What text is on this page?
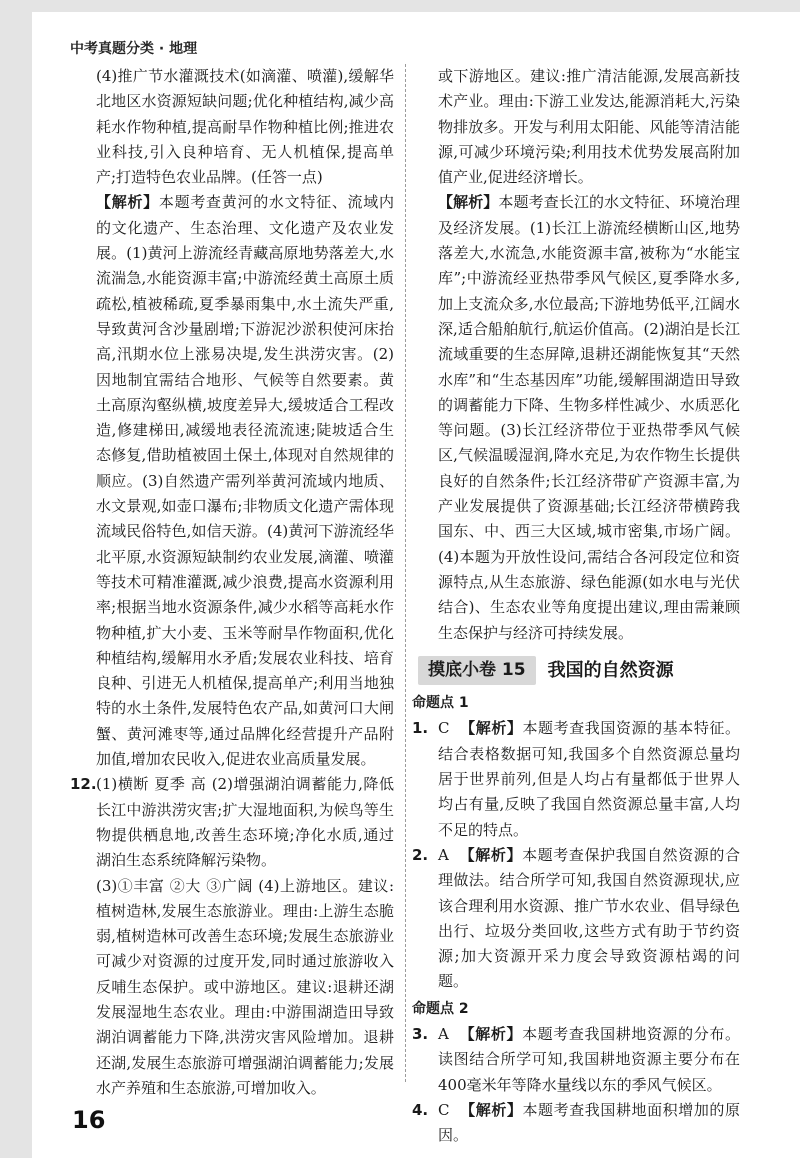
中考真题分类 · 地理

(4)推广节水灌溉技术(如滴灌、喷灌),缓解华北地区水资源短缺问题;优化种植结构,减少高耗水作物种植,提高耐旱作物种植比例;推进农业科技,引入良种培育、无人机植保,提高单产;打造特色农业品牌。(任答一点)

【解析】本题考查黄河的水文特征、流域内的文化遗产、生态治理、文化遗产及农业发展。(1)黄河上游流经青藏高原地势落差大,水流湍急,水能资源丰富;中游流经黄土高原土质疏松,植被稀疏,夏季暴雨集中,水土流失严重,导致黄河含沙量剧增;下游泥沙淤积使河床抬高,汛期水位上涨易决堤,发生洪涝灾害。(2)因地制宜需结合地形、气候等自然要素。黄土高原沟壑纵横,坡度差异大,缓坡适合工程改造,修建梯田,减缓地表径流流速;陡坡适合生态修复,借助植被固土保土,体现对自然规律的顺应。(3)自然遗产需列举黄河流域内地质、水文景观,如壶口瀑布;非物质文化遗产需体现流域民俗特色,如信天游。(4)黄河下游流经华北平原,水资源短缺制约农业发展,滴灌、喷灌等技术可精准灌溉,减少浪费,提高水资源利用率;根据当地水资源条件,减少水稻等高耗水作物种植,扩大小麦、玉米等耐旱作物面积,优化种植结构,缓解用水矛盾;发展农业科技、培育良种、引进无人机植保,提高单产;利用当地独特的水土条件,发展特色农产品,如黄河口大闸蟹、黄河滩枣等,通过品牌化经营提升产品附加值,增加农民收入,促进农业高质量发展。

12.(1)横断 夏季 高 (2)增强湖泊调蓄能力,降低长江中游洪涝灾害;扩大湿地面积,为候鸟等生物提供栖息地,改善生态环境;净化水质,通过湖泊生态系统降解污染物。

(3)①丰富 ②大 ③广阔 (4)上游地区。建议:植树造林,发展生态旅游业。理由:上游生态脆弱,植树造林可改善生态环境;发展生态旅游业可减少对资源的过度开发,同时通过旅游收入反哺生态保护。或中游地区。建议:退耕还湖发展湿地生态农业。理由:中游围湖造田导致湖泊调蓄能力下降,洪涝灾害风险增加。退耕还湖,发展生态旅游可增强湖泊调蓄能力;发展水产养殖和生态旅游,可增加收入。

或下游地区。建议:推广清洁能源,发展高新技术产业。理由:下游工业发达,能源消耗大,污染物排放多。开发与利用太阳能、风能等清洁能源,可减少环境污染;利用技术优势发展高附加值产业,促进经济增长。

【解析】本题考查长江的水文特征、环境治理及经济发展。(1)长江上游流经横断山区,地势落差大,水流急,水能资源丰富,被称为“水能宝库”;中游流经亚热带季风气候区,夏季降水多,加上支流众多,水位最高;下游地势低平,江阔水深,适合船舶航行,航运价值高。(2)湖泊是长江流域重要的生态屏障,退耕还湖能恢复其“天然水库”和“生态基因库”功能,缓解围湖造田导致的调蓄能力下降、生物多样性减少、水质恶化等问题。(3)长江经济带位于亚热带季风气候区,气候温暖湿润,降水充足,为农作物生长提供良好的自然条件;长江经济带矿产资源丰富,为产业发展提供了资源基础;长江经济带横跨我国东、中、西三大区域,城市密集,市场广阔。(4)本题为开放性设问,需结合各河段定位和资源特点,从生态旅游、绿色能源(如水电与光伏结合)、生态农业等角度提出建议,理由需兼顾生态保护与经济可持续发展。

摸底小卷 15	我国的自然资源
命题点 1

1. C 【解析】本题考查我国资源的基本特征。结合表格数据可知,我国多个自然资源总量均居于世界前列,但是人均占有量都低于世界人均占有量,反映了我国自然资源总量丰富,人均不足的特点。

2. A 【解析】本题考查保护我国自然资源的合理做法。结合所学可知,我国自然资源现状,应该合理利用水资源、推广节水农业、倡导绿色出行、垃圾分类回收,这些方式有助于节约资源;加大资源开采力度会导致资源枯竭的问题。

命题点 2

3. A 【解析】本题考查我国耕地资源的分布。读图结合所学可知,我国耕地资源主要分布在400毫米年等降水量线以东的季风气候区。

4. C 【解析】本题考查我国耕地面积增加的原因。

16
